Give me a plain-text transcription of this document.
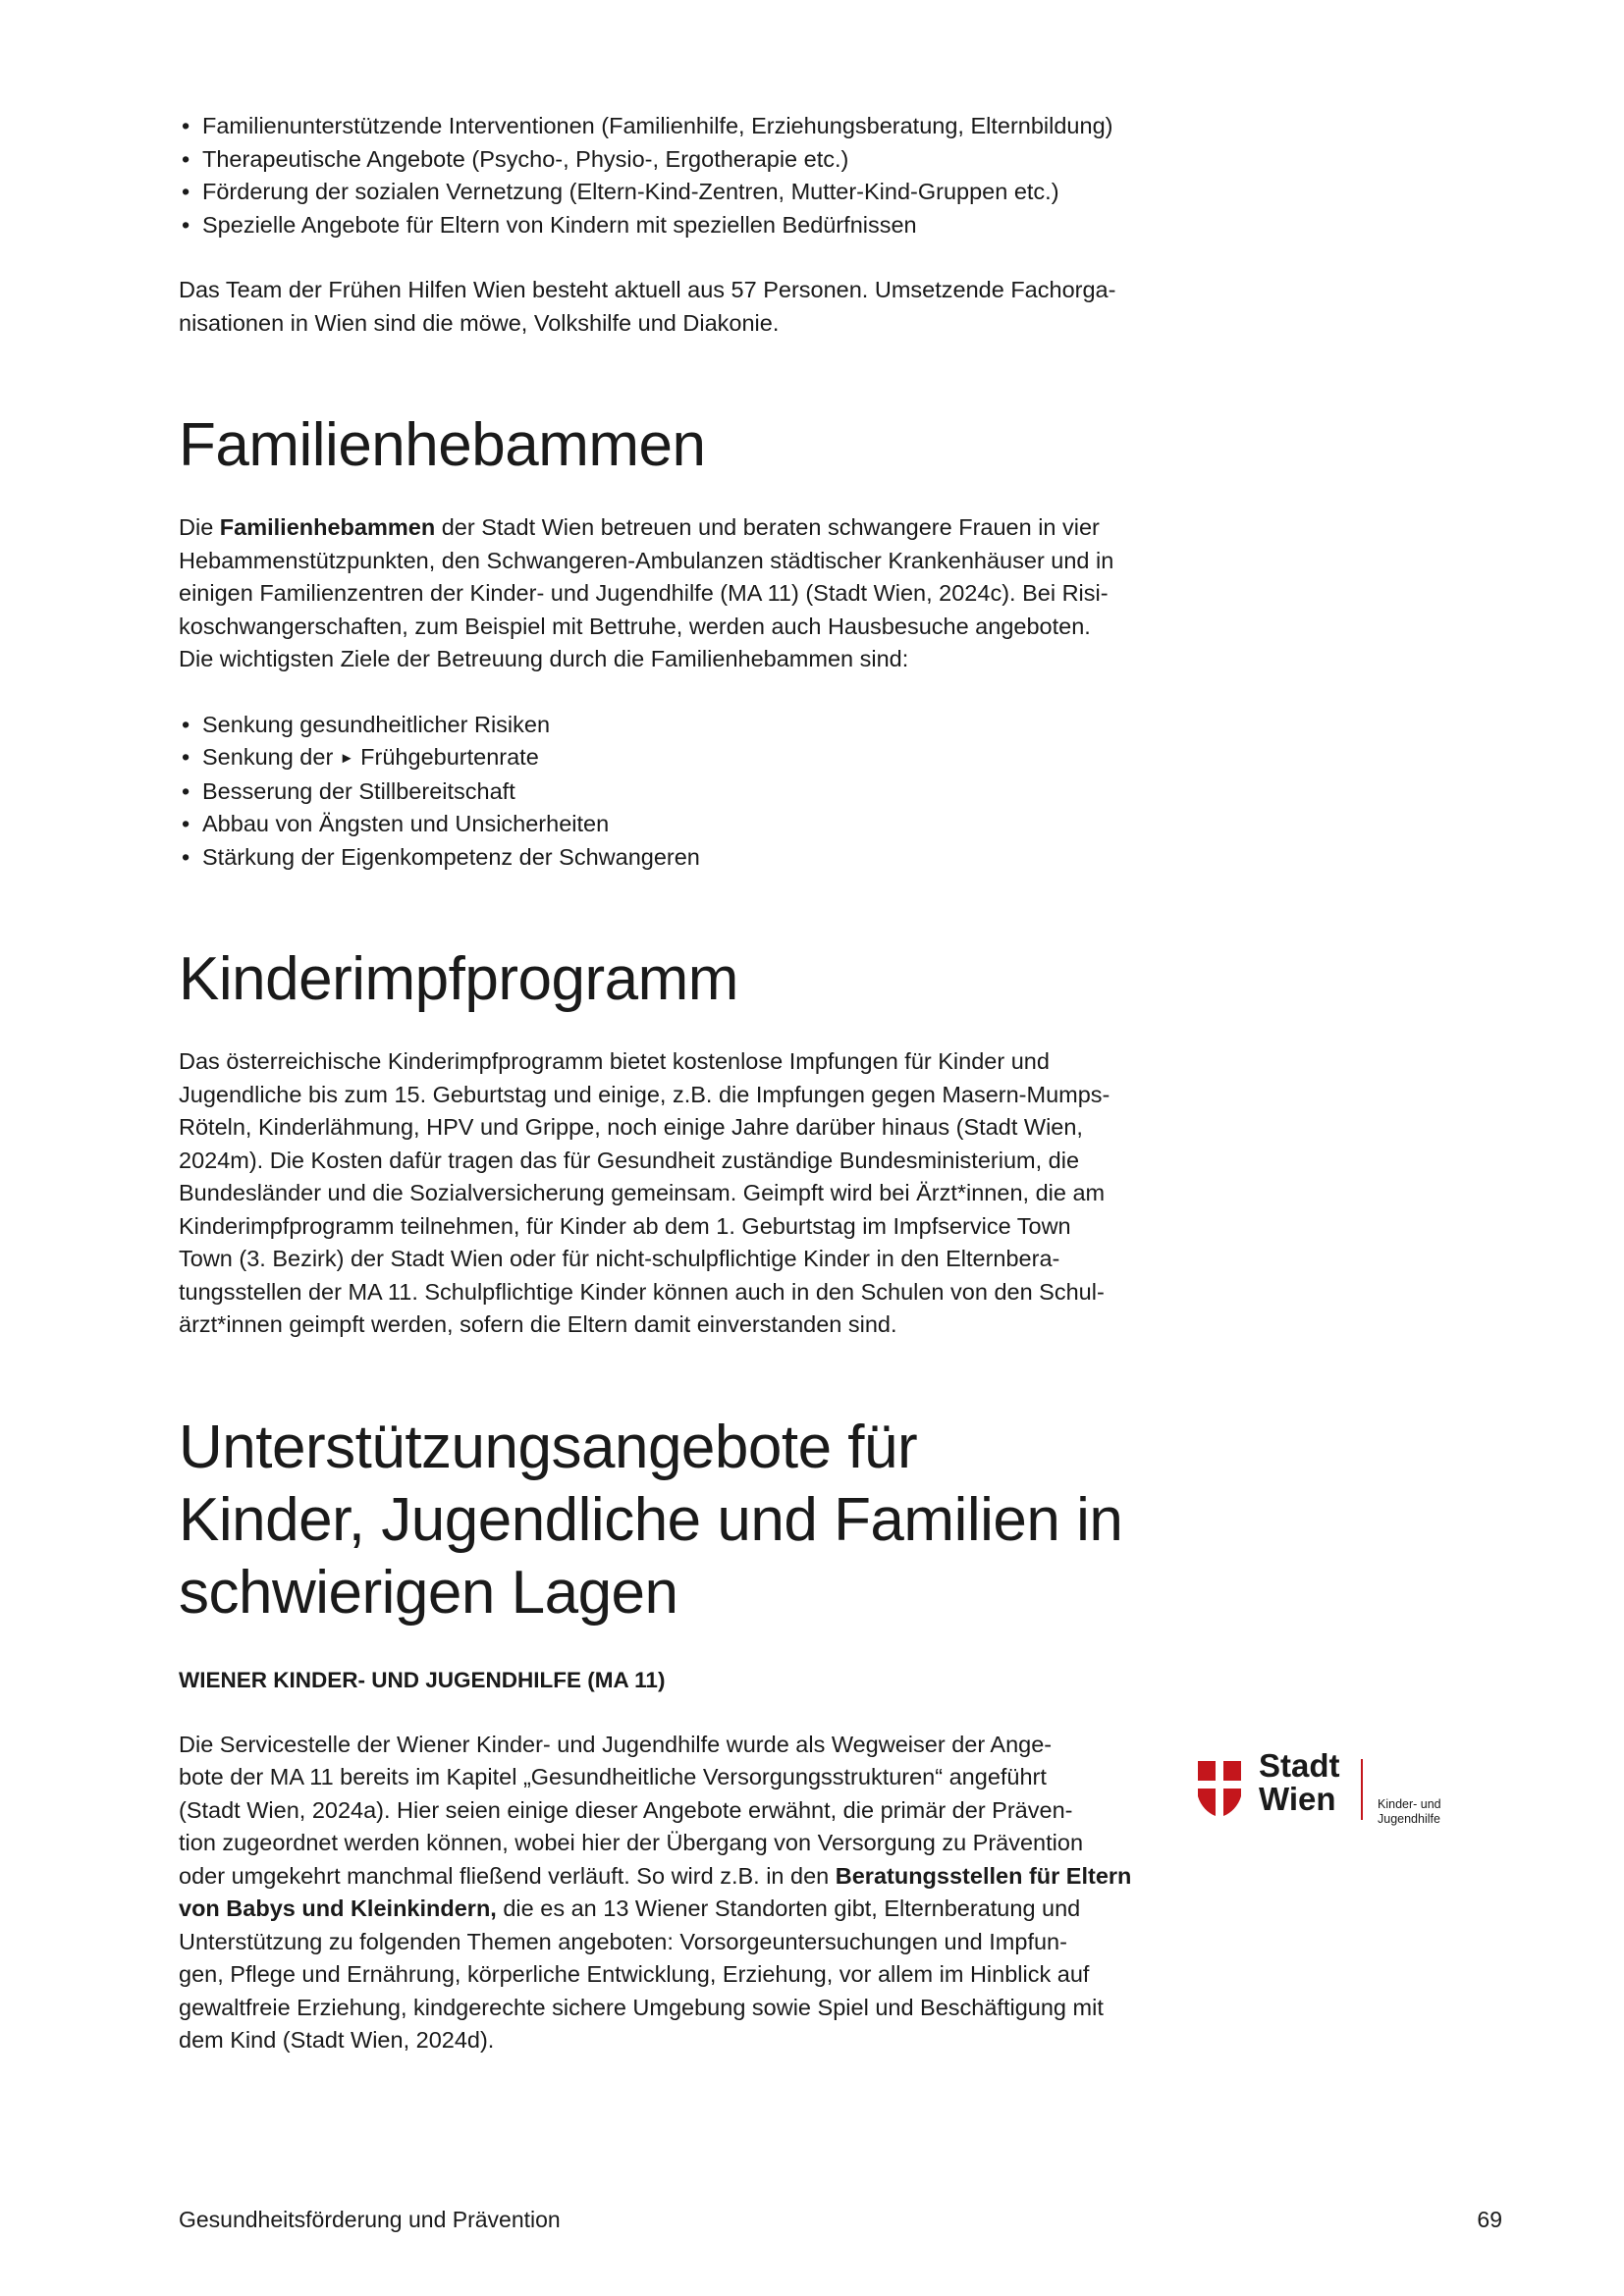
• Familienunterstützende Interventionen (Familienhilfe, Erziehungsberatung, Elternbildung)
• Therapeutische Angebote (Psycho-, Physio-, Ergotherapie etc.)
• Förderung der sozialen Vernetzung (Eltern-Kind-Zentren, Mutter-Kind-Gruppen etc.)
• Spezielle Angebote für Eltern von Kindern mit speziellen Bedürfnissen

Das Team der Frühen Hilfen Wien besteht aktuell aus 57 Personen. Umsetzende Fachorga-
nisationen in Wien sind die möwe, Volkshilfe und Diakonie.

Familienhebammen

Die Familienhebammen der Stadt Wien betreuen und beraten schwangere Frauen in vier
Hebammenstützpunkten, den Schwangeren-Ambulanzen städtischer Krankenhäuser und in
einigen Familienzentren der Kinder- und Jugendhilfe (MA 11) (Stadt Wien, 2024c). Bei Risi-
koschwangerschaften, zum Beispiel mit Bettruhe, werden auch Hausbesuche angeboten.
Die wichtigsten Ziele der Betreuung durch die Familienhebammen sind:

• Senkung gesundheitlicher Risiken
• Senkung der ► Frühgeburtenrate
• Besserung der Stillbereitschaft
• Abbau von Ängsten und Unsicherheiten
• Stärkung der Eigenkompetenz der Schwangeren
Kinderimpfprogramm

Das österreichische Kinderimpfprogramm bietet kostenlose Impfungen für Kinder und
Jugendliche bis zum 15. Geburtstag und einige, z.B. die Impfungen gegen Masern-Mumps-
Röteln, Kinderlähmung, HPV und Grippe, noch einige Jahre darüber hinaus (Stadt Wien,
2024m). Die Kosten dafür tragen das für Gesundheit zuständige Bundesministerium, die
Bundesländer und die Sozialversicherung gemeinsam. Geimpft wird bei Ärzt*innen, die am
Kinderimpfprogramm teilnehmen, für Kinder ab dem 1. Geburtstag im Impfservice Town
Town (3. Bezirk) der Stadt Wien oder für nicht-schulpflichtige Kinder in den Elternbera-
tungsstellen der MA 11. Schulpflichtige Kinder können auch in den Schulen von den Schul-
ärzt*innen geimpft werden, sofern die Eltern damit einverstanden sind.

Unterstützungsangebote für
Kinder, Jugendliche und Familien in
schwierigen Lagen
WIENER KINDER- UND JUGENDHILFE (MA 11)

Die Servicestelle der Wiener Kinder- und Jugendhilfe wurde als Wegweiser der Ange-
bote der MA 11 bereits im Kapitel „Gesundheitliche Versorgungsstrukturen“ angeführt
(Stadt Wien, 2024a). Hier seien einige dieser Angebote erwähnt, die primär der Präven-
tion zugeordnet werden können, wobei hier der Übergang von Versorgung zu Prävention
oder umgekehrt manchmal fließend verläuft. So wird z.B. in den Beratungsstellen für Eltern
von Babys und Kleinkindern, die es an 13 Wiener Standorten gibt, Elternberatung und
Unterstützung zu folgenden Themen angeboten: Vorsorgeuntersuchungen und Impfun-
gen, Pflege und Ernährung, körperliche Entwicklung, Erziehung, vor allem im Hinblick auf
gewaltfreie Erziehung, kindgerechte sichere Umgebung sowie Spiel und Beschäftigung mit
dem Kind (Stadt Wien, 2024d).

Stadt
Wien	Kinder- und
Jugendhilfe
Gesundheitsförderung und Prävention	69
